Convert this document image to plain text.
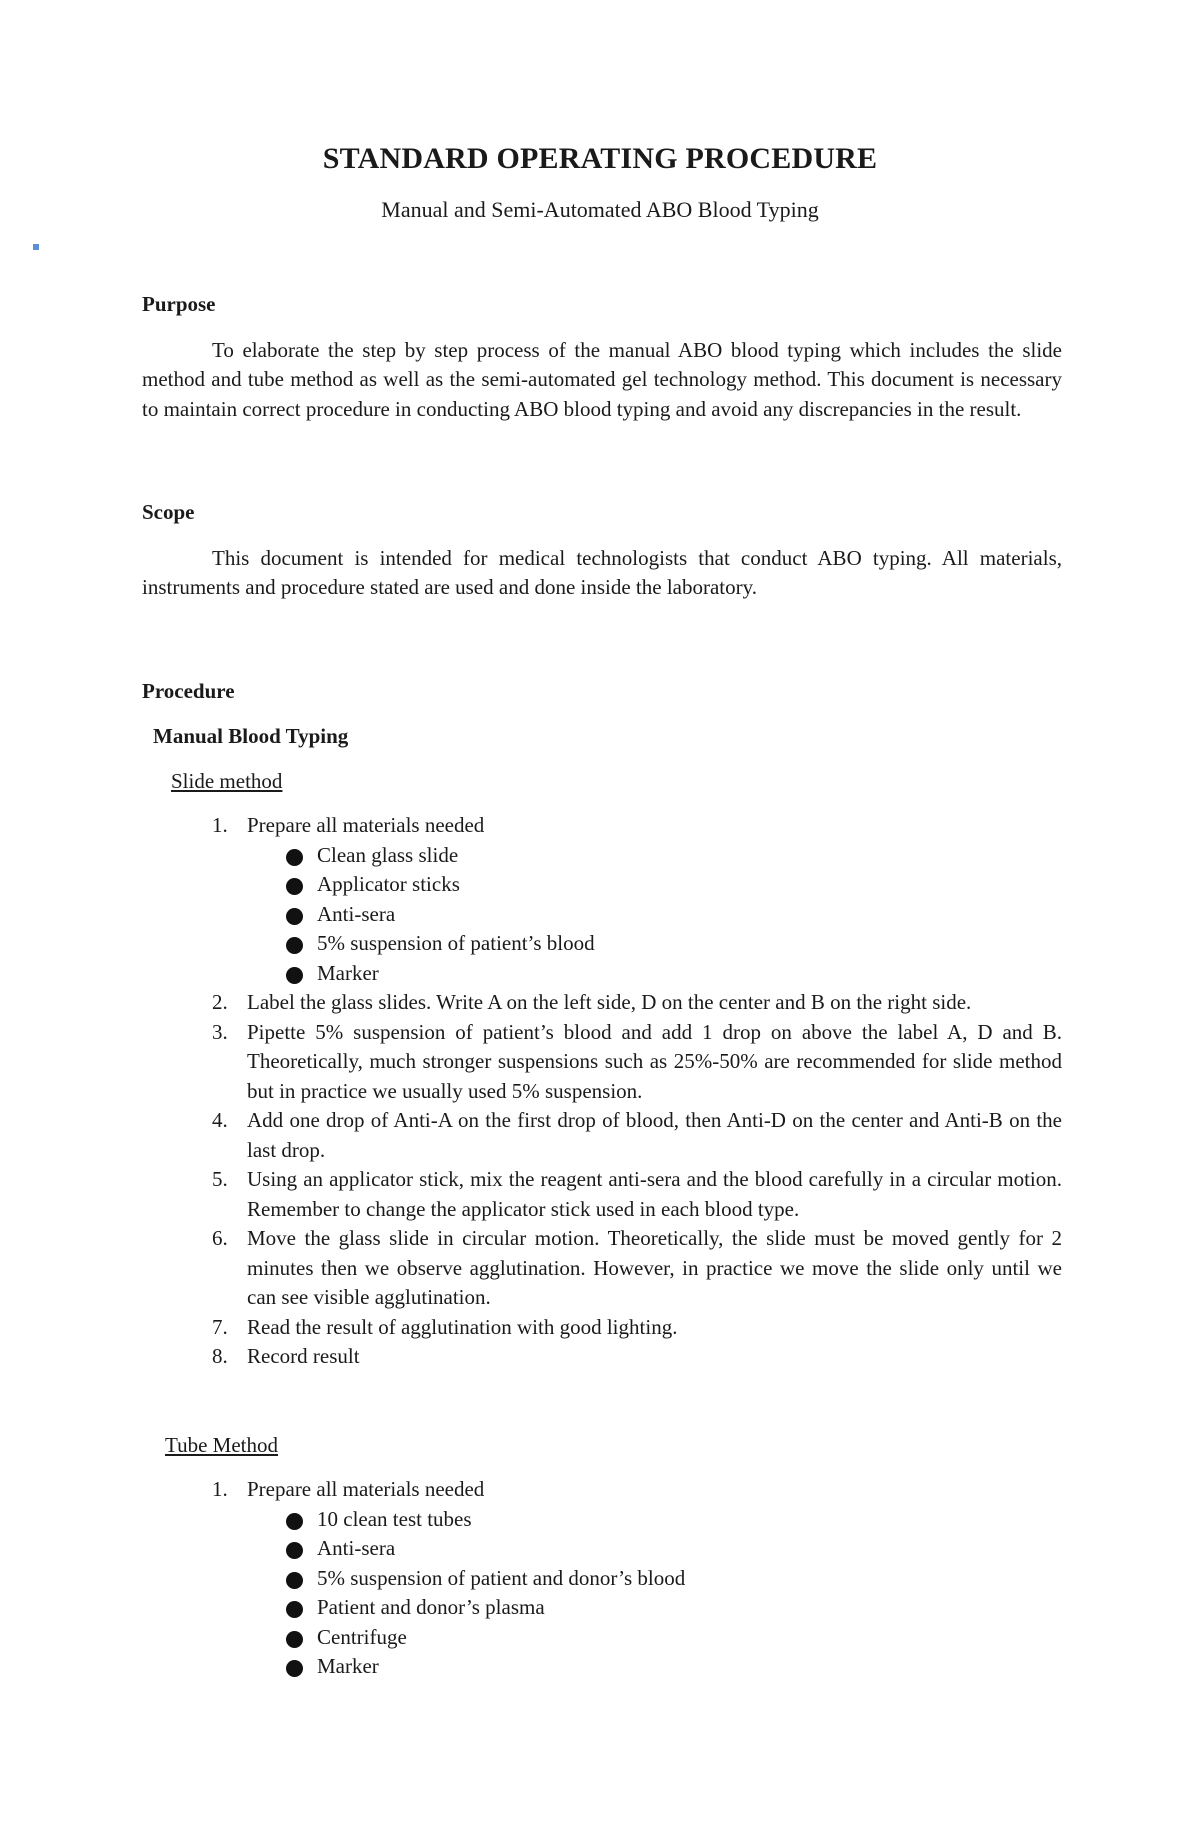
STANDARD OPERATING PROCEDURE
Manual and Semi-Automated ABO Blood Typing

Purpose

To elaborate the step by step process of the manual ABO blood typing which includes the slide method and tube method as well as the semi-automated gel technology method. This document is necessary to maintain correct procedure in conducting ABO blood typing and avoid any discrepancies in the result.

Scope

This document is intended for medical technologists that conduct ABO typing. All materials, instruments and procedure stated are used and done inside the laboratory.

Procedure

Manual Blood Typing

Slide method

1. Prepare all materials needed
Clean glass slide
Applicator sticks
Anti-sera
5% suspension of patient’s blood
Marker
2. Label the glass slides. Write A on the left side, D on the center and B on the right side.
3. Pipette 5% suspension of patient’s blood and add 1 drop on above the label A, D and B. Theoretically, much stronger suspensions such as 25%-50% are recommended for slide method but in practice we usually used 5% suspension.
4. Add one drop of Anti-A on the first drop of blood, then Anti-D on the center and Anti-B on the last drop.
5. Using an applicator stick, mix the reagent anti-sera and the blood carefully in a circular motion. Remember to change the applicator stick used in each blood type.
6. Move the glass slide in circular motion. Theoretically, the slide must be moved gently for 2 minutes then we observe agglutination. However, in practice we move the slide only until we can see visible agglutination.
7. Read the result of agglutination with good lighting.
8. Record result

Tube Method

1. Prepare all materials needed
10 clean test tubes
Anti-sera
5% suspension of patient and donor’s blood
Patient and donor’s plasma
Centrifuge
Marker
